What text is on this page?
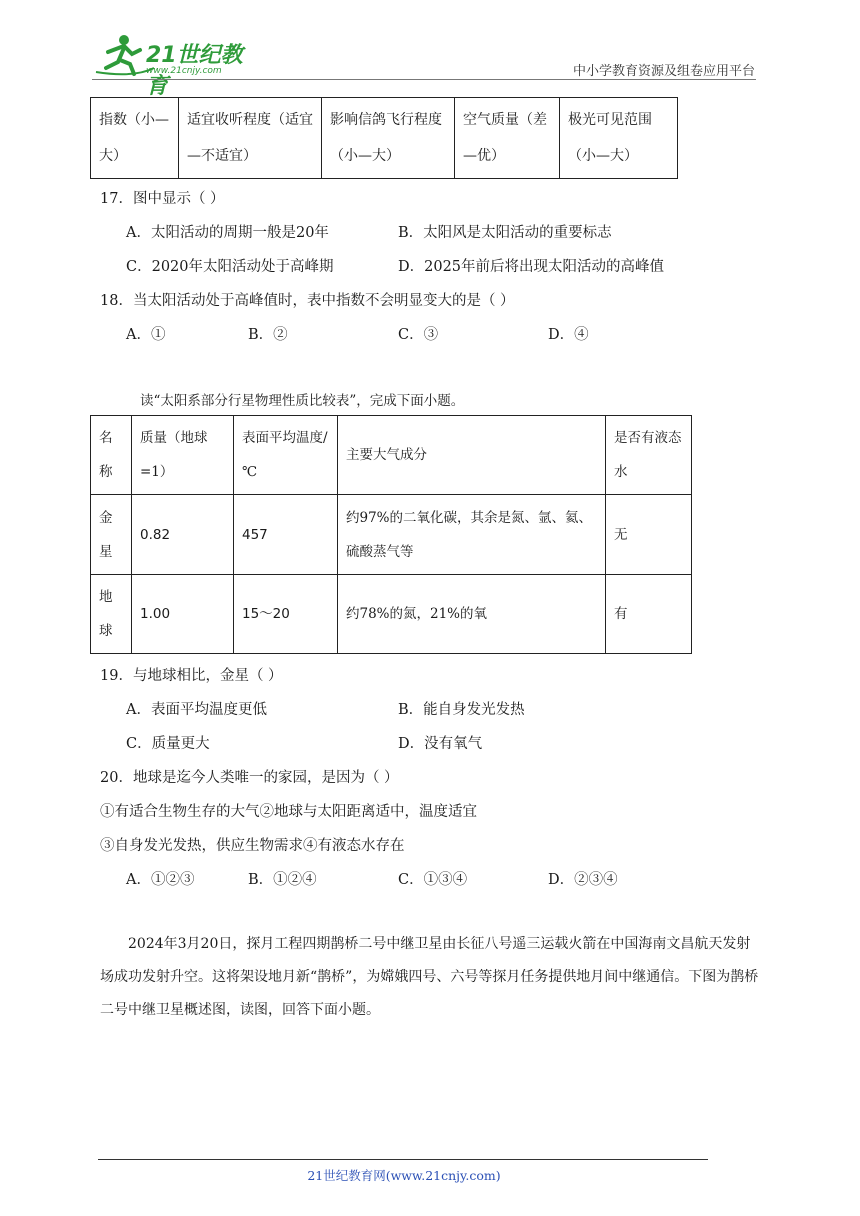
21世纪教育
www.21cnjy.com	中小学教育资源及组卷应用平台
指数（小—大）	适宜收听程度（适宜—不适宜）	影响信鸽飞行程度（小—大）	空气质量（差—优）	极光可见范围（小—大）
17．图中显示（ ）
A．太阳活动的周期一般是20年	B．太阳风是太阳活动的重要标志
C．2020年太阳活动处于高峰期	D．2025年前后将出现太阳活动的高峰值
18．当太阳活动处于高峰值时，表中指数不会明显变大的是（ ）
A．①	B．②	C．③	D．④
读“太阳系部分行星物理性质比较表”，完成下面小题。
名称	质量（地球=1）	表面平均温度/℃	主要大气成分	是否有液态水
金星	0.82	457	约97%的二氧化碳，其余是氮、氩、氦、硫酸蒸气等	无
地球	1.00	15～20	约78%的氮，21%的氧	有
19．与地球相比，金星（ ）
A．表面平均温度更低	B．能自身发光发热
C．质量更大	D．没有氧气
20．地球是迄今人类唯一的家园，是因为（ ）
①有适合生物生存的大气②地球与太阳距离适中，温度适宜
③自身发光发热，供应生物需求④有液态水存在
A．①②③	B．①②④	C．①③④	D．②③④
2024年3月20日，探月工程四期鹊桥二号中继卫星由长征八号遥三运载火箭在中国海南文昌航天发射场成功发射升空。这将架设地月新“鹊桥”，为嫦娥四号、六号等探月任务提供地月间中继通信。下图为鹊桥二号中继卫星概述图，读图，回答下面小题。
21世纪教育网(www.21cnjy.com)
